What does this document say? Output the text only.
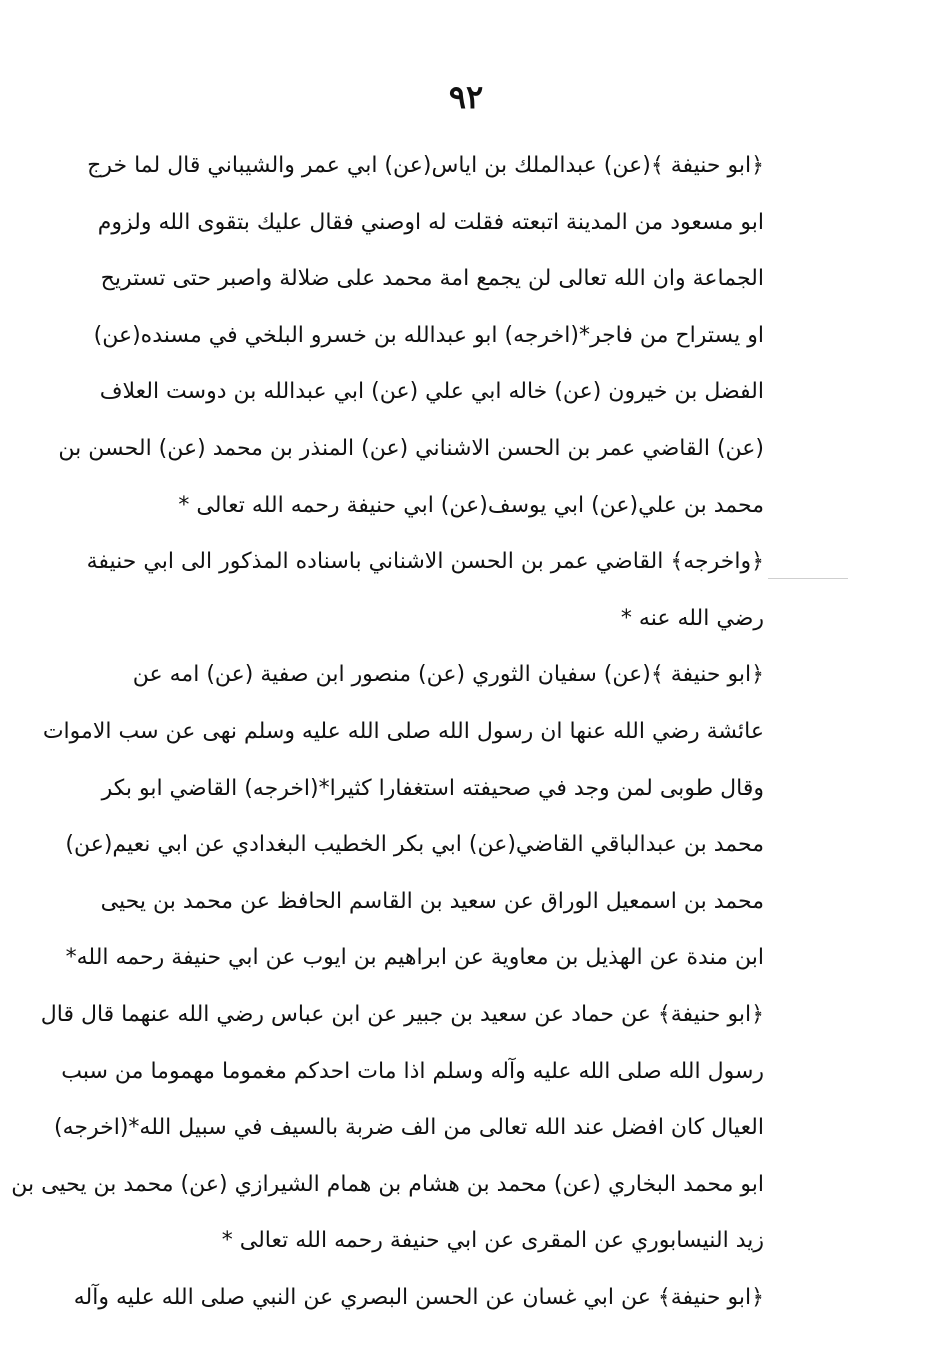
٩٢
﴿ابو حنيفة ﴾(عن) عبدالملك بن اياس(عن) ابي عمر والشيباني قال لما خرج
ابو مسعود من المدينة اتبعته فقلت له اوصني فقال عليك بتقوى الله ولزوم
الجماعة وان الله تعالى لن يجمع امة محمد على ضلالة واصبر حتى تستريح
او يستراح من فاجر*(اخرجه) ابو عبدالله بن خسرو البلخي في مسنده(عن)
الفضل بن خيرون (عن) خاله ابي علي (عن) ابي عبدالله بن دوست العلاف
(عن) القاضي عمر بن الحسن الاشناني (عن) المنذر بن محمد (عن) الحسن بن
محمد بن علي(عن) ابي يوسف(عن) ابي حنيفة رحمه الله تعالى *
﴿واخرجه﴾ القاضي عمر بن الحسن الاشناني باسناده المذكور الى ابي حنيفة
رضي الله عنه *
﴿ابو حنيفة ﴾(عن) سفيان الثوري (عن) منصور ابن صفية (عن) امه عن
عائشة رضي الله عنها ان رسول الله صلى الله عليه وسلم نهى عن سب الاموات
وقال طوبى لمن وجد في صحيفته استغفارا كثيرا*(اخرجه) القاضي ابو بكر
محمد بن عبدالباقي القاضي(عن) ابي بكر الخطيب البغدادي عن ابي نعيم(عن)
محمد بن اسمعيل الوراق عن سعيد بن القاسم الحافظ عن محمد بن يحيى
ابن مندة عن الهذيل بن معاوية عن ابراهيم بن ايوب عن ابي حنيفة رحمه الله*
﴿ابو حنيفة﴾ عن حماد عن سعيد بن جبير عن ابن عباس رضي الله عنهما قال قال
رسول الله صلى الله عليه وآله وسلم اذا مات احدكم مغموما مهموما من سبب
العيال كان افضل عند الله تعالى من الف ضربة بالسيف في سبيل الله*(اخرجه)
ابو محمد البخاري (عن) محمد بن هشام بن همام الشيرازي (عن) محمد بن يحيى بن
زيد النيسابوري عن المقرى عن ابي حنيفة رحمه الله تعالى *
﴿ابو حنيفة﴾ عن ابي غسان عن الحسن البصري عن النبي صلى الله عليه وآله
